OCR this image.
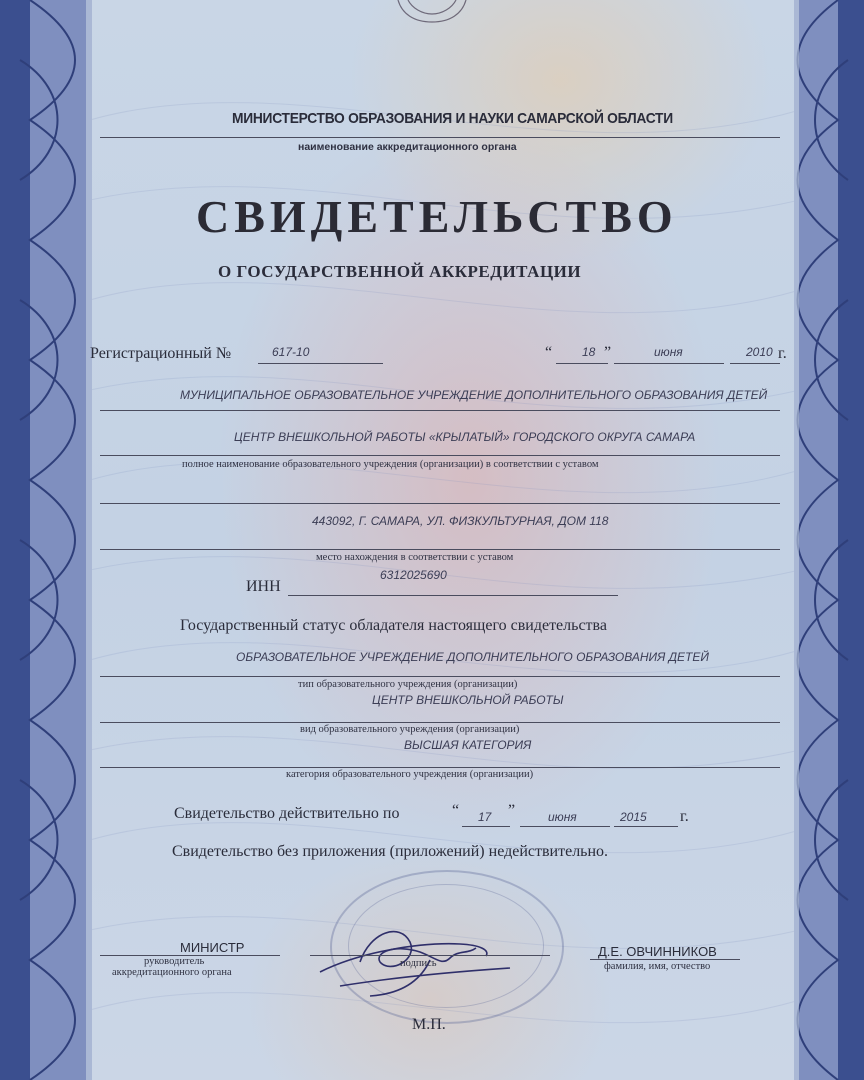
МИНИСТЕРСТВО ОБРАЗОВАНИЯ И НАУКИ САМАРСКОЙ ОБЛАСТИ
наименование аккредитационного органа
СВИДЕТЕЛЬСТВО
О ГОСУДАРСТВЕННОЙ АККРЕДИТАЦИИ
Регистрационный №	617-10	“ 18 ”	июня	2010 г.
МУНИЦИПАЛЬНОЕ ОБРАЗОВАТЕЛЬНОЕ УЧРЕЖДЕНИЕ ДОПОЛНИТЕЛЬНОГО ОБРАЗОВАНИЯ ДЕТЕЙ
ЦЕНТР ВНЕШКОЛЬНОЙ РАБОТЫ «КРЫЛАТЫЙ» ГОРОДСКОГО ОКРУГА САМАРА
полное наименование образовательного учреждения (организации) в соответствии с уставом
443092, Г. САМАРА, УЛ. ФИЗКУЛЬТУРНАЯ, ДОМ 118
место нахождения в соответствии с уставом
ИНН
6312025690
Государственный статус обладателя настоящего свидетельства
ОБРАЗОВАТЕЛЬНОЕ УЧРЕЖДЕНИЕ ДОПОЛНИТЕЛЬНОГО ОБРАЗОВАНИЯ ДЕТЕЙ
тип образовательного учреждения (организации)
ЦЕНТР ВНЕШКОЛЬНОЙ РАБОТЫ
вид образовательного учреждения (организации)
ВЫСШАЯ КАТЕГОРИЯ
категория образовательного учреждения (организации)
Свидетельство действительно по	“ 17 ”	июня	2015 г.
Свидетельство без приложения (приложений) недействительно.
МИНИСТР
руководитель
аккредитационного органа
подпись
Д.Е. ОВЧИННИКОВ
фамилия, имя, отчество
М.П.
